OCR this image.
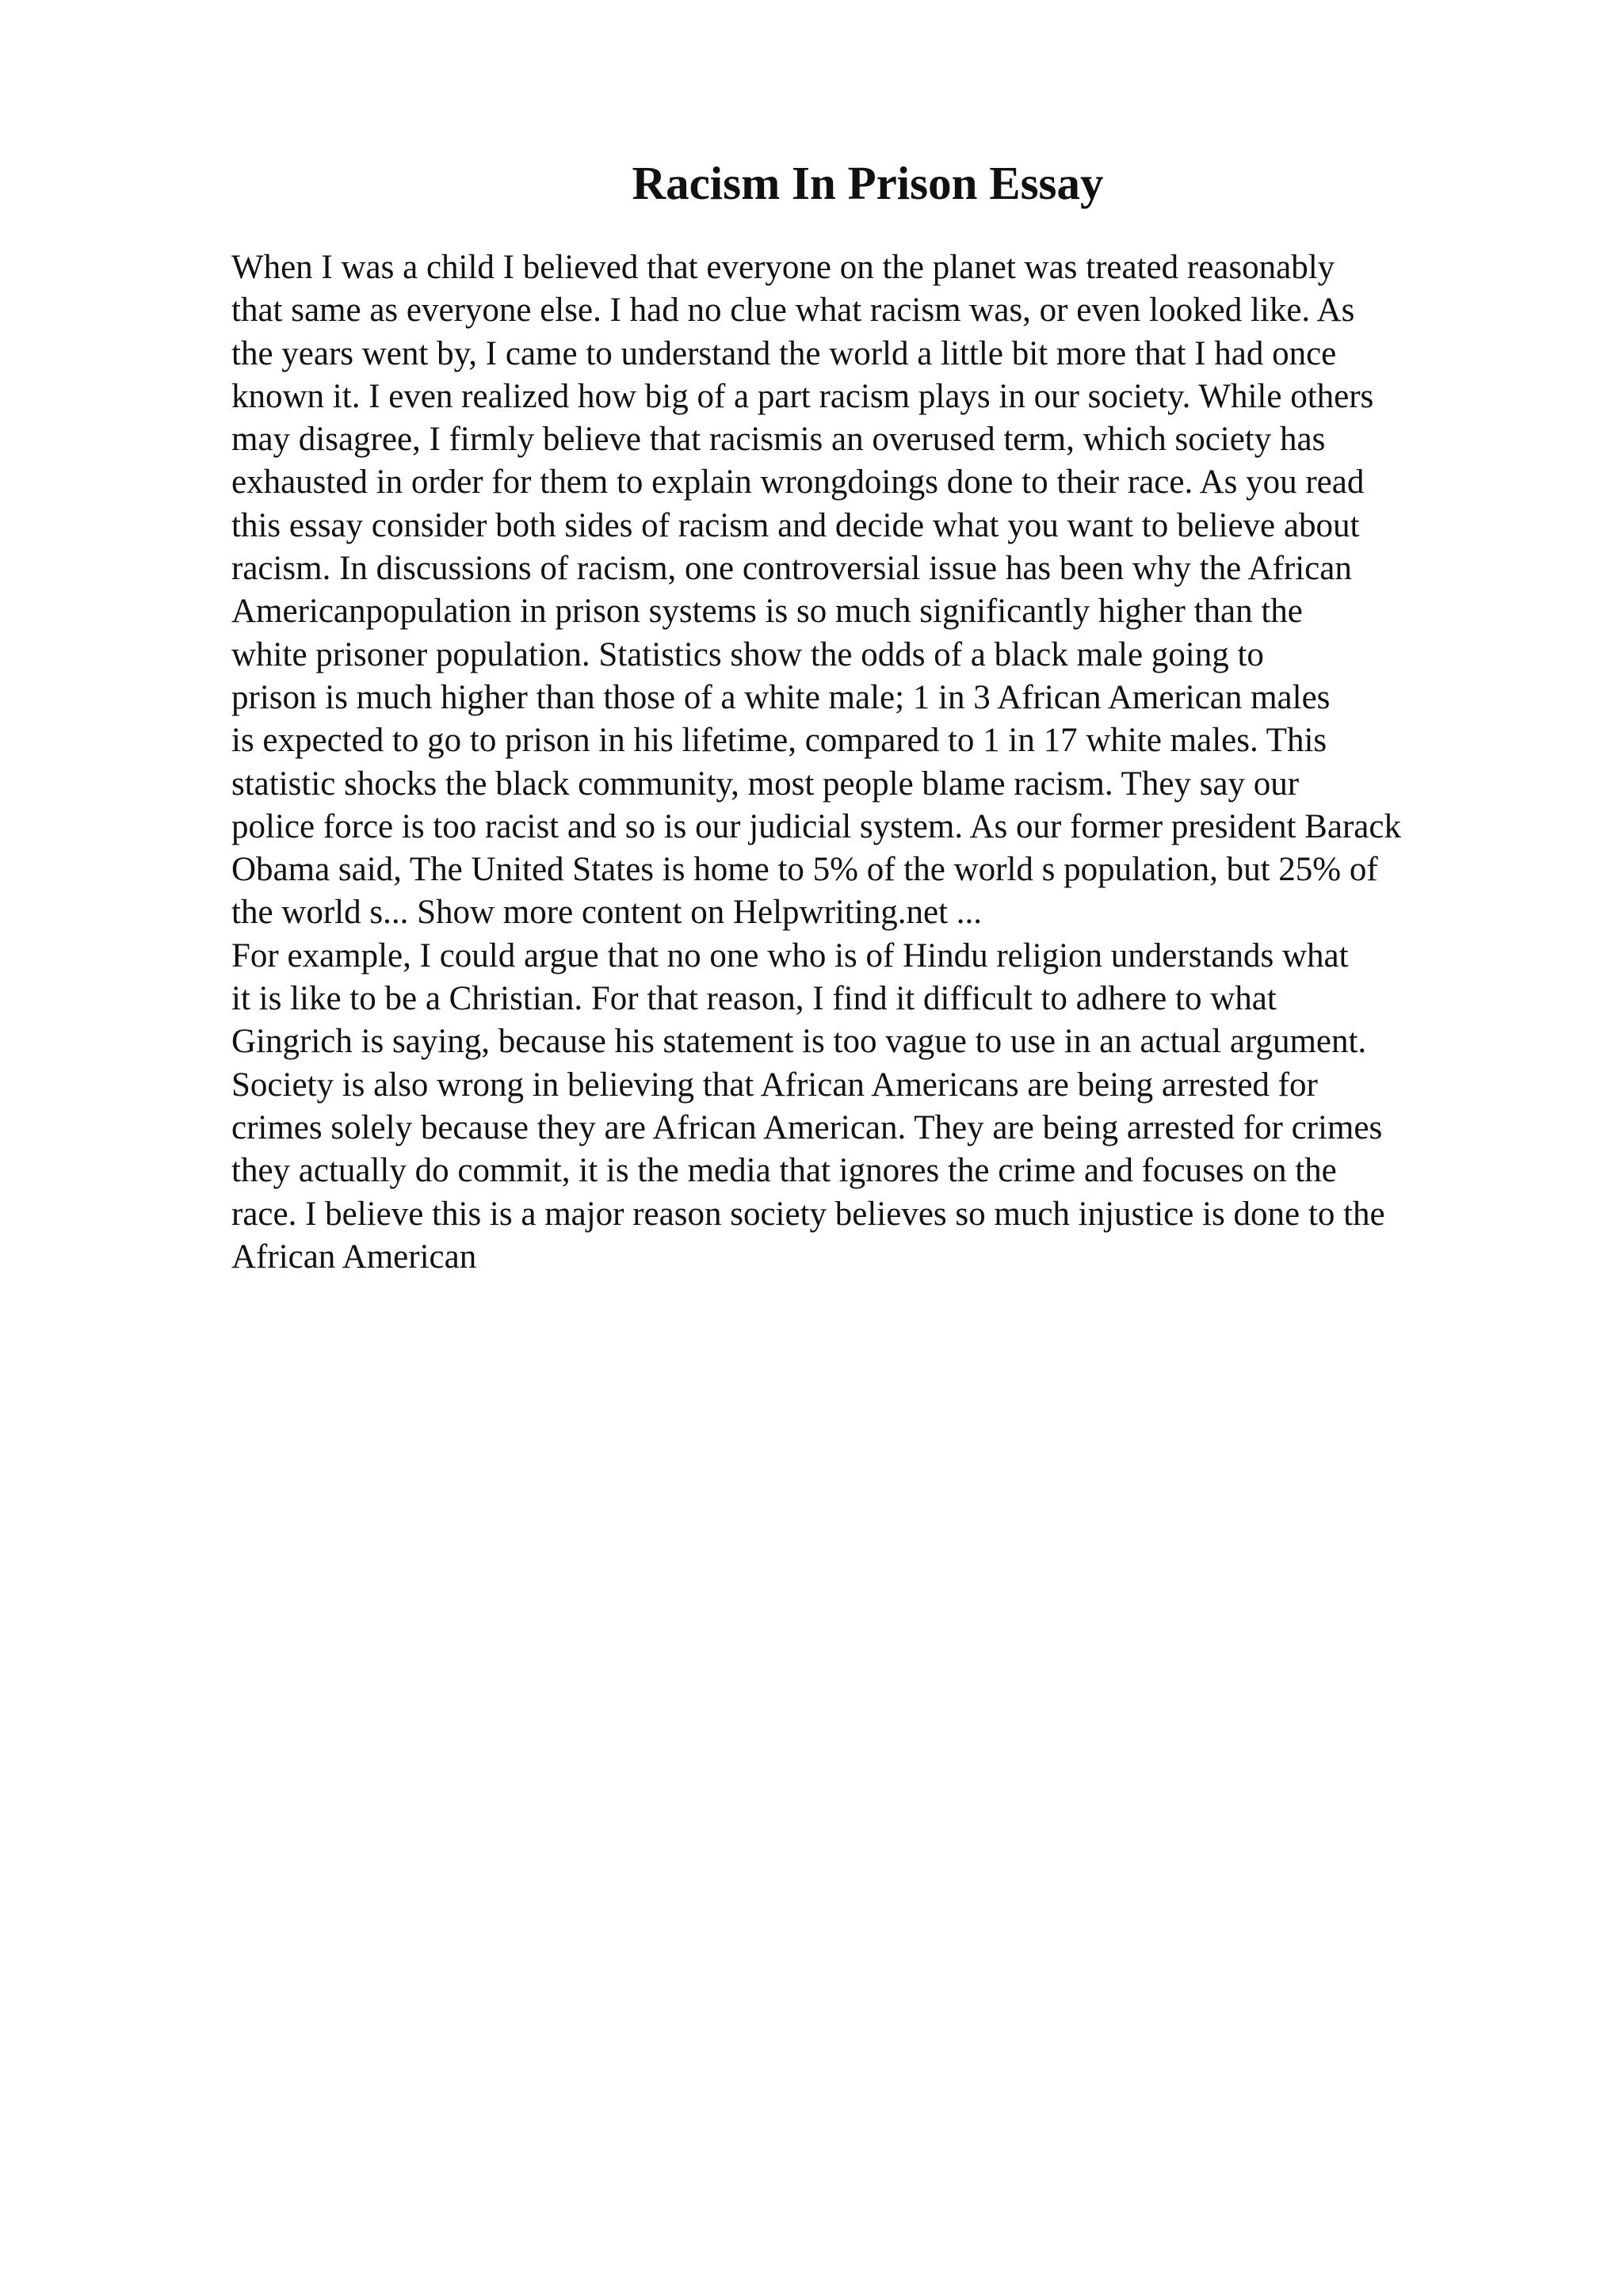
Racism In Prison Essay
When I was a child I believed that everyone on the planet was treated reasonably
that same as everyone else. I had no clue what racism was, or even looked like. As
the years went by, I came to understand the world a little bit more that I had once
known it. I even realized how big of a part racism plays in our society. While others
may disagree, I firmly believe that racismis an overused term, which society has
exhausted in order for them to explain wrongdoings done to their race. As you read
this essay consider both sides of racism and decide what you want to believe about
racism. In discussions of racism, one controversial issue has been why the African
Americanpopulation in prison systems is so much significantly higher than the
white prisoner population. Statistics show the odds of a black male going to
prison is much higher than those of a white male; 1 in 3 African American males
is expected to go to prison in his lifetime, compared to 1 in 17 white males. This
statistic shocks the black community, most people blame racism. They say our
police force is too racist and so is our judicial system. As our former president Barack
Obama said, The United States is home to 5% of the world s population, but 25% of
the world s... Show more content on Helpwriting.net ...
For example, I could argue that no one who is of Hindu religion understands what
it is like to be a Christian. For that reason, I find it difficult to adhere to what
Gingrich is saying, because his statement is too vague to use in an actual argument.
Society is also wrong in believing that African Americans are being arrested for
crimes solely because they are African American. They are being arrested for crimes
they actually do commit, it is the media that ignores the crime and focuses on the
race. I believe this is a major reason society believes so much injustice is done to the
African American
